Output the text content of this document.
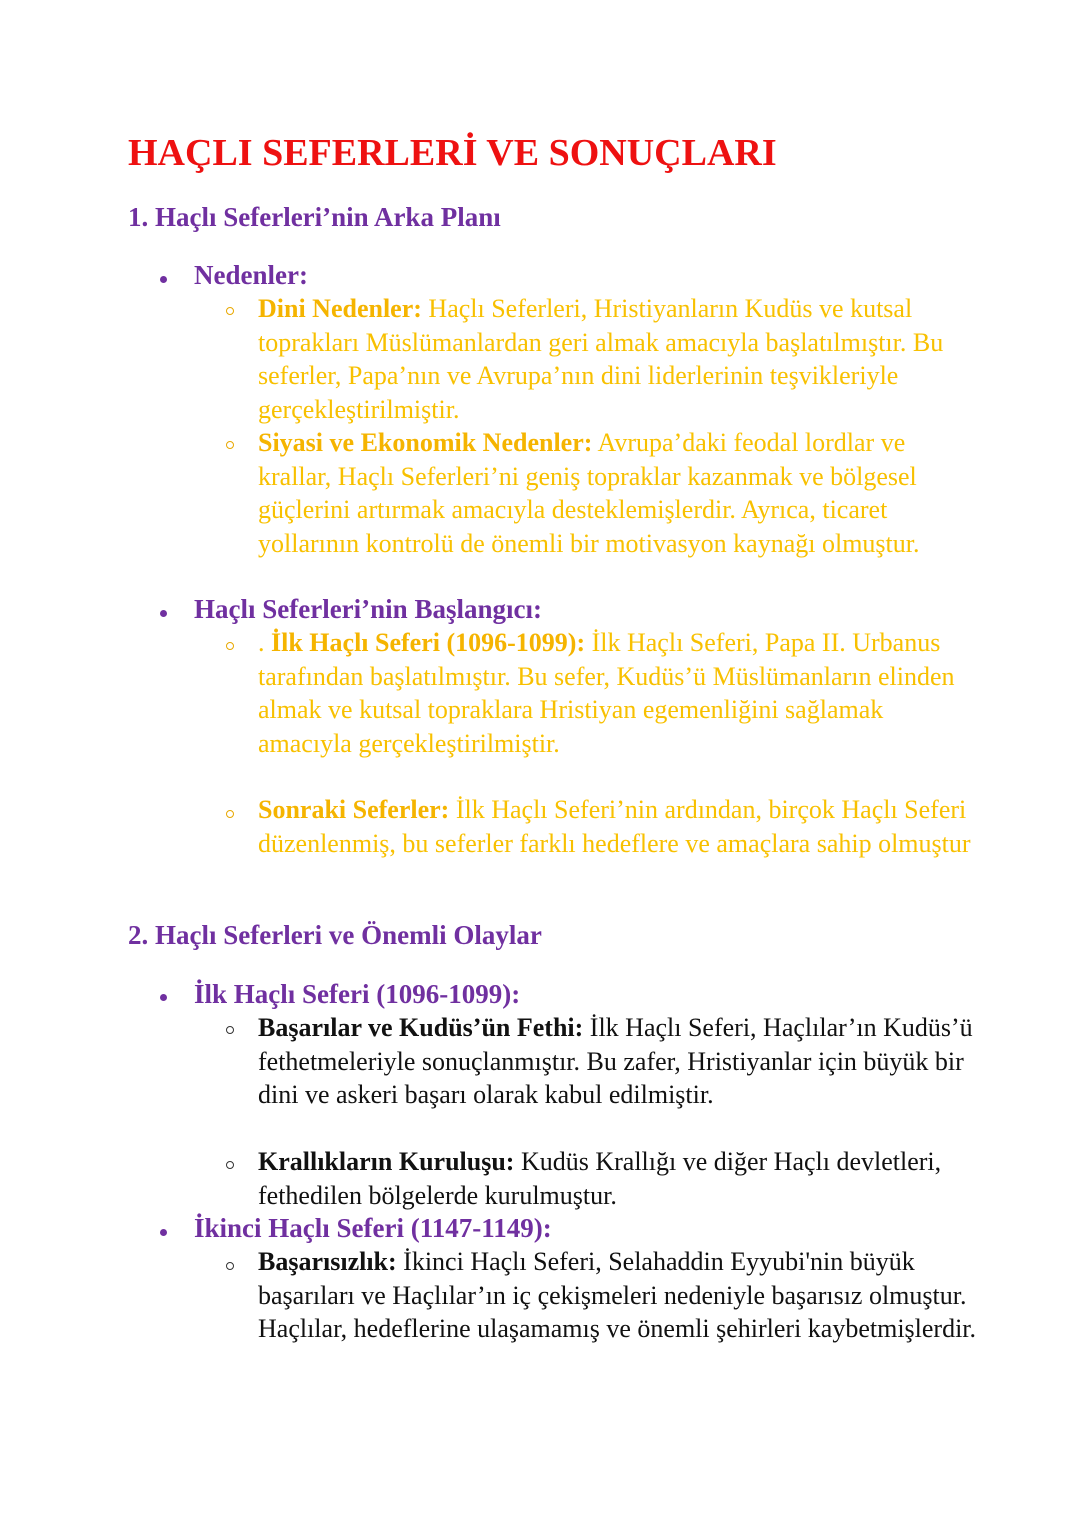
HAÇLI SEFERLERİ VE SONUÇLARI
1. Haçlı Seferleri’nin Arka Planı
Nedenler:

Dini Nedenler: Haçlı Seferleri, Hristiyanların Kudüs ve kutsal toprakları Müslümanlardan geri almak amacıyla başlatılmıştır. Bu seferler, Papa’nın ve Avrupa’nın dini liderlerinin teşvikleriyle gerçekleştirilmiştir.

Siyasi ve Ekonomik Nedenler: Avrupa’daki feodal lordlar ve krallar, Haçlı Seferleri’ni geniş topraklar kazanmak ve bölgesel güçlerini artırmak amacıyla desteklemişlerdir. Ayrıca, ticaret yollarının kontrolü de önemli bir motivasyon kaynağı olmuştur.

Haçlı Seferleri’nin Başlangıcı:

. İlk Haçlı Seferi (1096-1099): İlk Haçlı Seferi, Papa II. Urbanus tarafından başlatılmıştır. Bu sefer, Kudüs’ü Müslümanların elinden almak ve kutsal topraklara Hristiyan egemenliğini sağlamak amacıyla gerçekleştirilmiştir.

Sonraki Seferler: İlk Haçlı Seferi’nin ardından, birçok Haçlı Seferi düzenlenmiş, bu seferler farklı hedeflere ve amaçlara sahip olmuştur

2. Haçlı Seferleri ve Önemli Olaylar
İlk Haçlı Seferi (1096-1099):

Başarılar ve Kudüs’ün Fethi: İlk Haçlı Seferi, Haçlılar’ın Kudüs’ü fethetmeleriyle sonuçlanmıştır. Bu zafer, Hristiyanlar için büyük bir dini ve askeri başarı olarak kabul edilmiştir.

Krallıkların Kuruluşu: Kudüs Krallığı ve diğer Haçlı devletleri, fethedilen bölgelerde kurulmuştur.

İkinci Haçlı Seferi (1147-1149):

Başarısızlık: İkinci Haçlı Seferi, Selahaddin Eyyubi'nin büyük başarıları ve Haçlılar’ın iç çekişmeleri nedeniyle başarısız olmuştur. Haçlılar, hedeflerine ulaşamamış ve önemli şehirleri kaybetmişlerdir.
